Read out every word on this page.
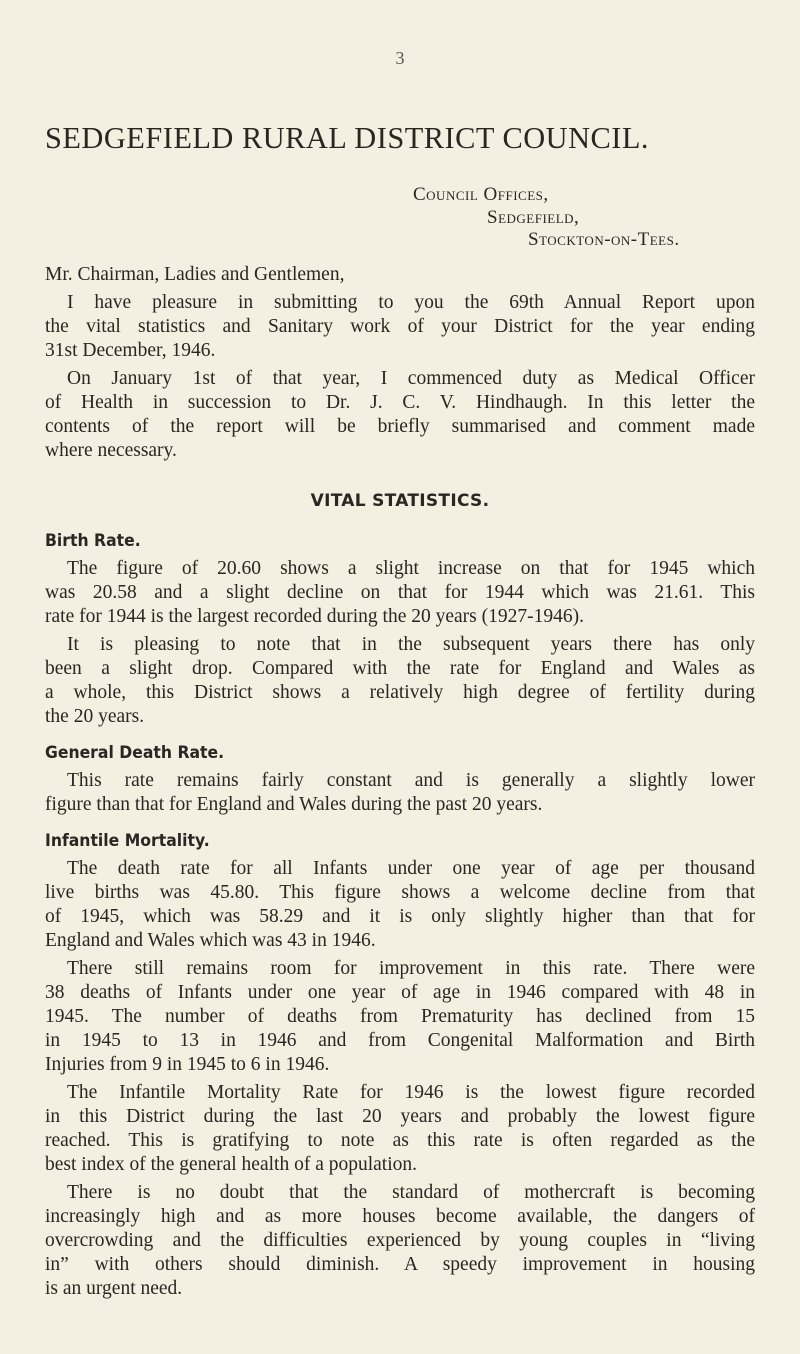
3
SEDGEFIELD RURAL DISTRICT COUNCIL.
Council Offices,
Sedgefield,
Stockton-on-Tees.
Mr. Chairman, Ladies and Gentlemen,
I have pleasure in submitting to you the 69th Annual Report upon
the vital statistics and Sanitary work of your District for the year ending
31st December, 1946.
On January 1st of that year, I commenced duty as Medical Officer
of Health in succession to Dr. J. C. V. Hindhaugh. In this letter the
contents of the report will be briefly summarised and comment made
where necessary.
VITAL STATISTICS.
Birth Rate.
The figure of 20.60 shows a slight increase on that for 1945 which
was 20.58 and a slight decline on that for 1944 which was 21.61. This
rate for 1944 is the largest recorded during the 20 years (1927-1946).
It is pleasing to note that in the subsequent years there has only
been a slight drop. Compared with the rate for England and Wales as
a whole, this District shows a relatively high degree of fertility during
the 20 years.
General Death Rate.
This rate remains fairly constant and is generally a slightly lower
figure than that for England and Wales during the past 20 years.
Infantile Mortality.
The death rate for all Infants under one year of age per thousand
live births was 45.80. This figure shows a welcome decline from that
of 1945, which was 58.29 and it is only slightly higher than that for
England and Wales which was 43 in 1946.
There still remains room for improvement in this rate. There were
38 deaths of Infants under one year of age in 1946 compared with 48 in
1945. The number of deaths from Prematurity has declined from 15
in 1945 to 13 in 1946 and from Congenital Malformation and Birth
Injuries from 9 in 1945 to 6 in 1946.
The Infantile Mortality Rate for 1946 is the lowest figure recorded
in this District during the last 20 years and probably the lowest figure
reached. This is gratifying to note as this rate is often regarded as the
best index of the general health of a population.
There is no doubt that the standard of mothercraft is becoming
increasingly high and as more houses become available, the dangers of
overcrowding and the difficulties experienced by young couples in “living
in” with others should diminish. A speedy improvement in housing
is an urgent need.
